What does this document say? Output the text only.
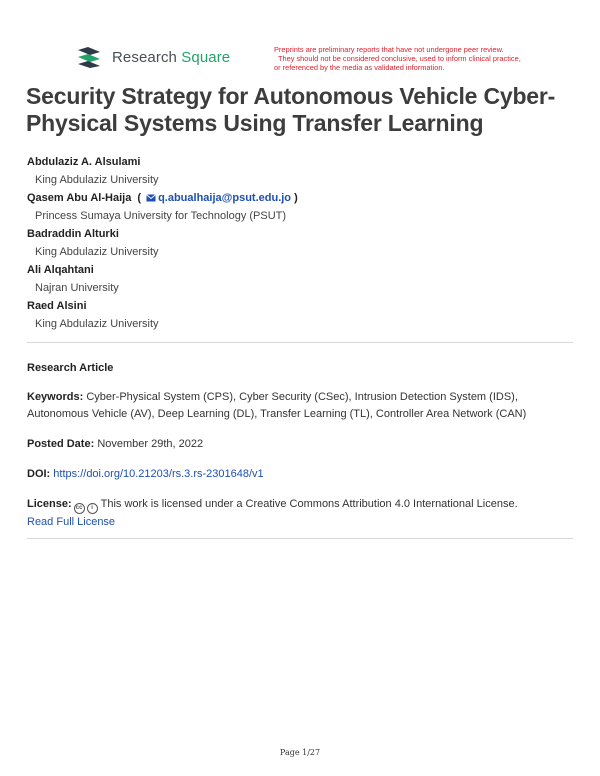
Research Square	Preprints are preliminary reports that have not undergone peer review.
They should not be considered conclusive, used to inform clinical practice,
or referenced by the media as validated information.
Security Strategy for Autonomous Vehicle Cyber-Physical Systems Using Transfer Learning
Abdulaziz A. Alsulami
King Abdulaziz University
Qasem Abu Al-Haija ( q.abualhaija@psut.edu.jo )
Princess Sumaya University for Technology (PSUT)
Badraddin Alturki
King Abdulaziz University
Ali Alqahtani
Najran University
Raed Alsini
King Abdulaziz University
Research Article
Keywords: Cyber-Physical System (CPS), Cyber Security (CSec), Intrusion Detection System (IDS),
Autonomous Vehicle (AV), Deep Learning (DL), Transfer Learning (TL), Controller Area Network (CAN)
Posted Date: November 29th, 2022
DOI: https://doi.org/10.21203/rs.3.rs-2301648/v1
License: cc	i This work is licensed under a Creative Commons Attribution 4.0 International License.
Read Full License
Page 1/27
